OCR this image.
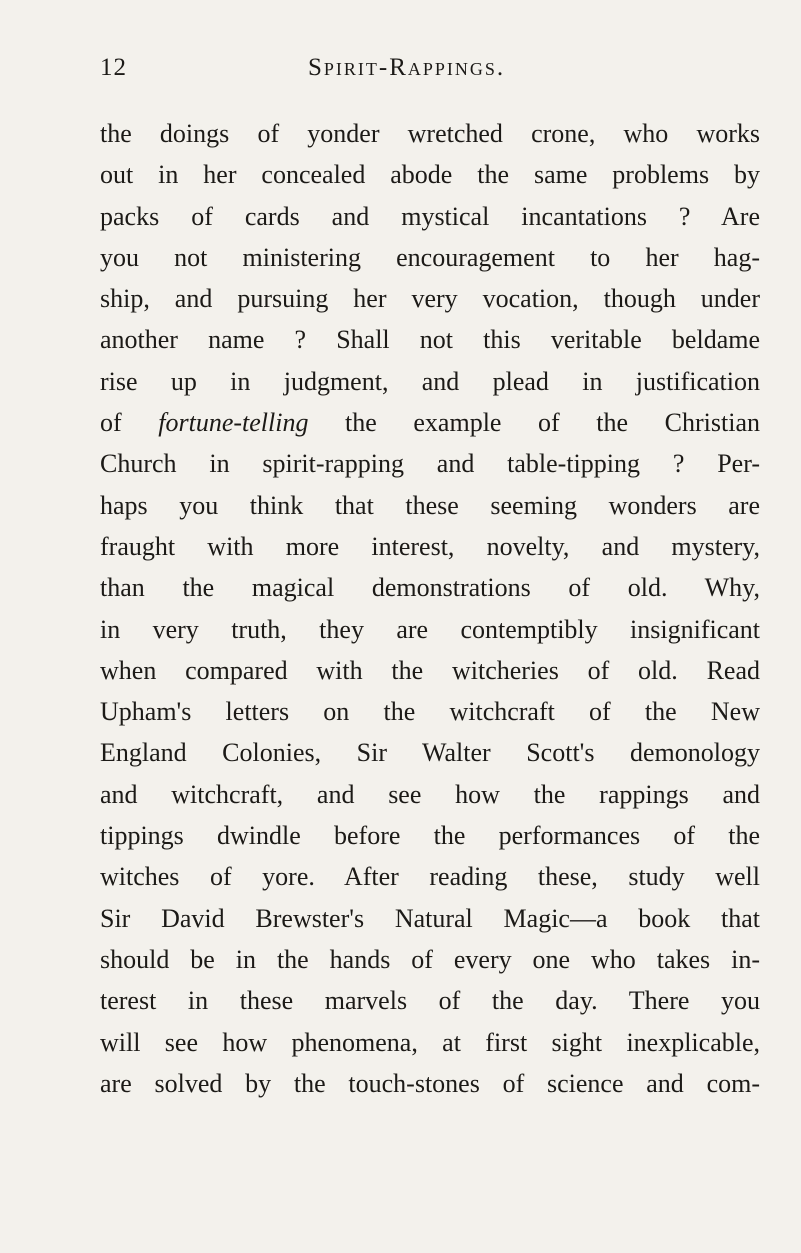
12	Spirit-Rappings.
the doings of yonder wretched crone, who works
out in her concealed abode the same problems by
packs of cards and mystical incantations ? Are
you not ministering encouragement to her hag-
ship, and pursuing her very vocation, though under
another name ? Shall not this veritable beldame
rise up in judgment, and plead in justification
of fortune-telling the example of the Christian
Church in spirit-rapping and table-tipping ? Per-
haps you think that these seeming wonders are
fraught with more interest, novelty, and mystery,
than the magical demonstrations of old. Why,
in very truth, they are contemptibly insignificant
when compared with the witcheries of old. Read
Upham's letters on the witchcraft of the New
England Colonies, Sir Walter Scott's demonology
and witchcraft, and see how the rappings and
tippings dwindle before the performances of the
witches of yore. After reading these, study well
Sir David Brewster's Natural Magic—a book that
should be in the hands of every one who takes in-
terest in these marvels of the day. There you
will see how phenomena, at first sight inexplicable,
are solved by the touch-stones of science and com-
